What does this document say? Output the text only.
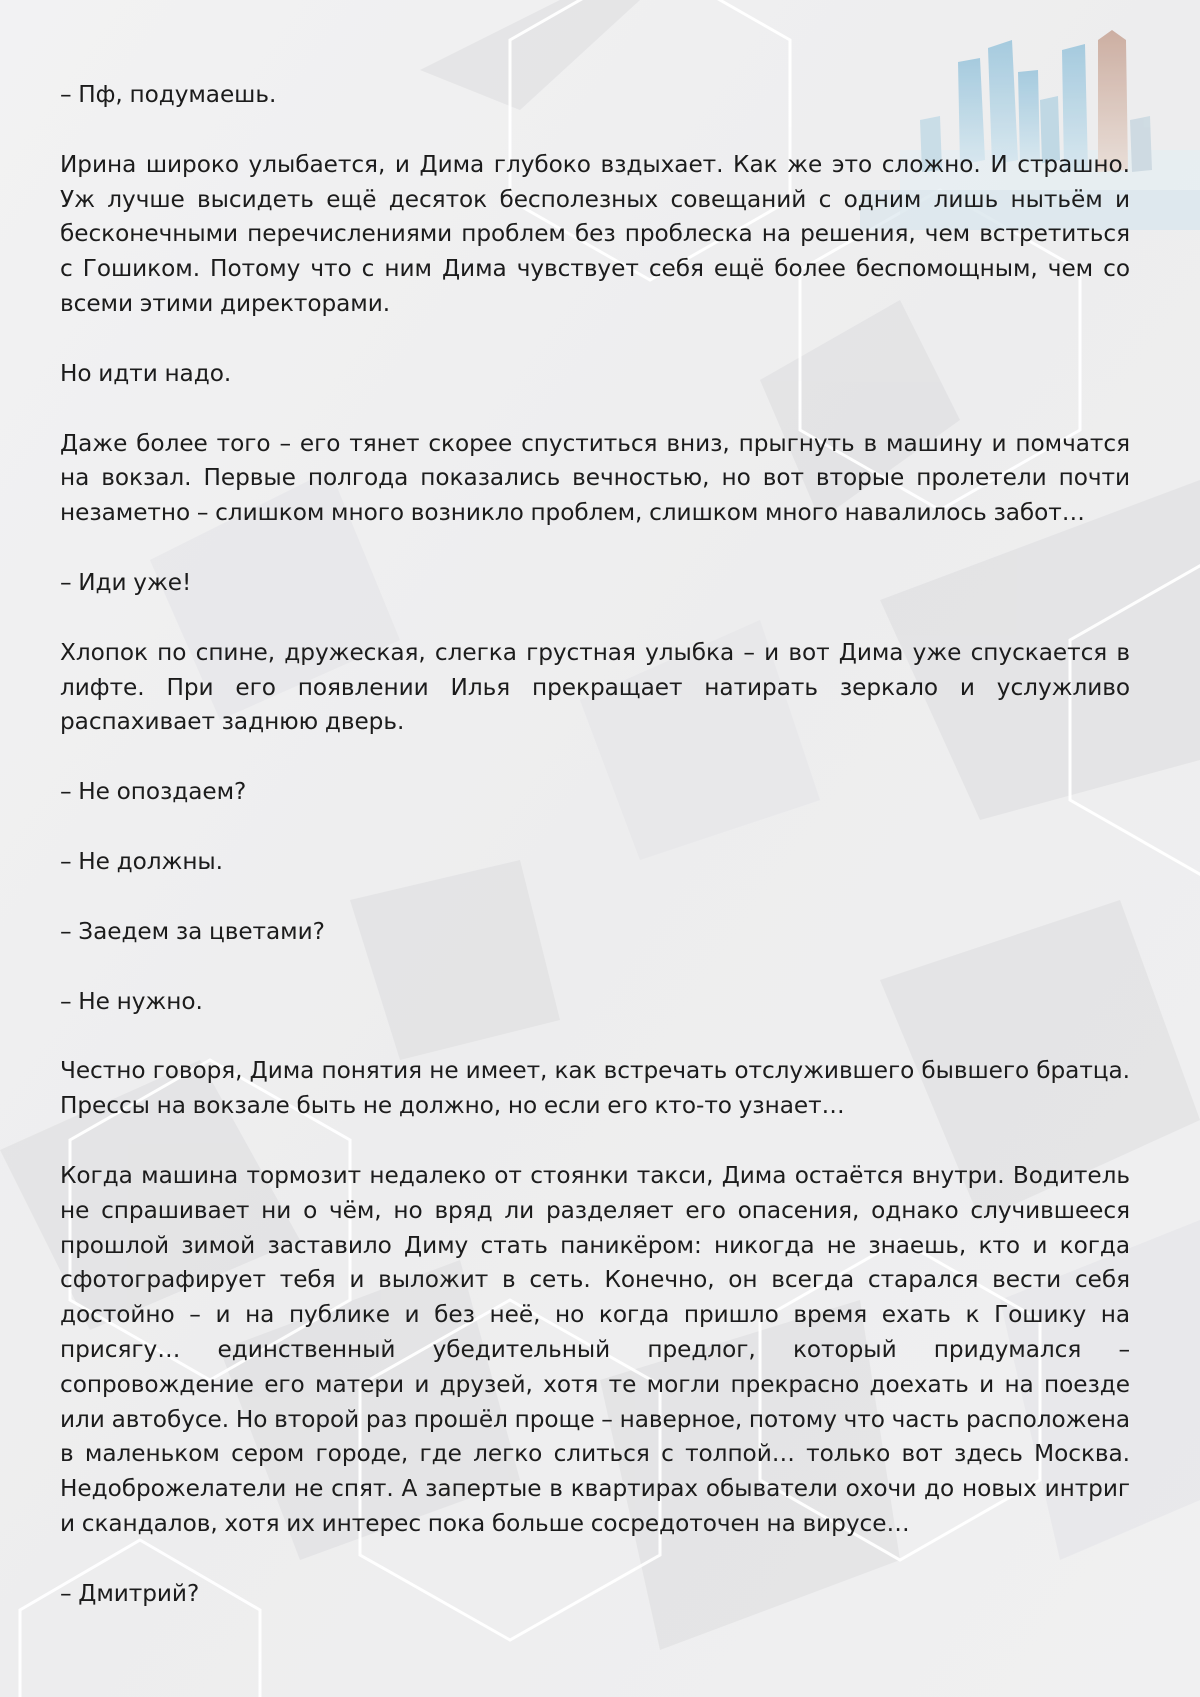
– Пф, подумаешь.

Ирина широко улыбается, и Дима глубоко вздыхает. Как же это сложно. И страшно. Уж лучше высидеть ещё десяток бесполезных совещаний с одним лишь нытьём и бесконечными перечислениями проблем без проблеска на решения, чем встретиться с Гошиком. Потому что с ним Дима чувствует себя ещё более беспомощным, чем со всеми этими директорами.

Но идти надо.

Даже более того – его тянет скорее спуститься вниз, прыгнуть в машину и помчатся на вокзал. Первые полгода показались вечностью, но вот вторые пролетели почти незаметно – слишком много возникло проблем, слишком много навалилось забот…

– Иди уже!

Хлопок по спине, дружеская, слегка грустная улыбка – и вот Дима уже спускается в лифте. При его появлении Илья прекращает натирать зеркало и услужливо распахивает заднюю дверь.

– Не опоздаем?

– Не должны.

– Заедем за цветами?

– Не нужно.

Честно говоря, Дима понятия не имеет, как встречать отслужившего бывшего братца. Прессы на вокзале быть не должно, но если его кто-то узнает…

Когда машина тормозит недалеко от стоянки такси, Дима остаётся внутри. Водитель не спрашивает ни о чём, но вряд ли разделяет его опасения, однако случившееся прошлой зимой заставило Диму стать паникёром: никогда не знаешь, кто и когда сфотографирует тебя и выложит в сеть. Конечно, он всегда старался вести себя достойно – и на публике и без неё, но когда пришло время ехать к Гошику на присягу… единственный убедительный предлог, который придумался – сопровождение его матери и друзей, хотя те могли прекрасно доехать и на поезде или автобусе. Но второй раз прошёл проще – наверное, потому что часть расположена в маленьком сером городе, где легко слиться с толпой… только вот здесь Москва. Недоброжелатели не спят. А запертые в квартирах обыватели охочи до новых интриг и скандалов, хотя их интерес пока больше сосредоточен на вирусе…

– Дмитрий?
